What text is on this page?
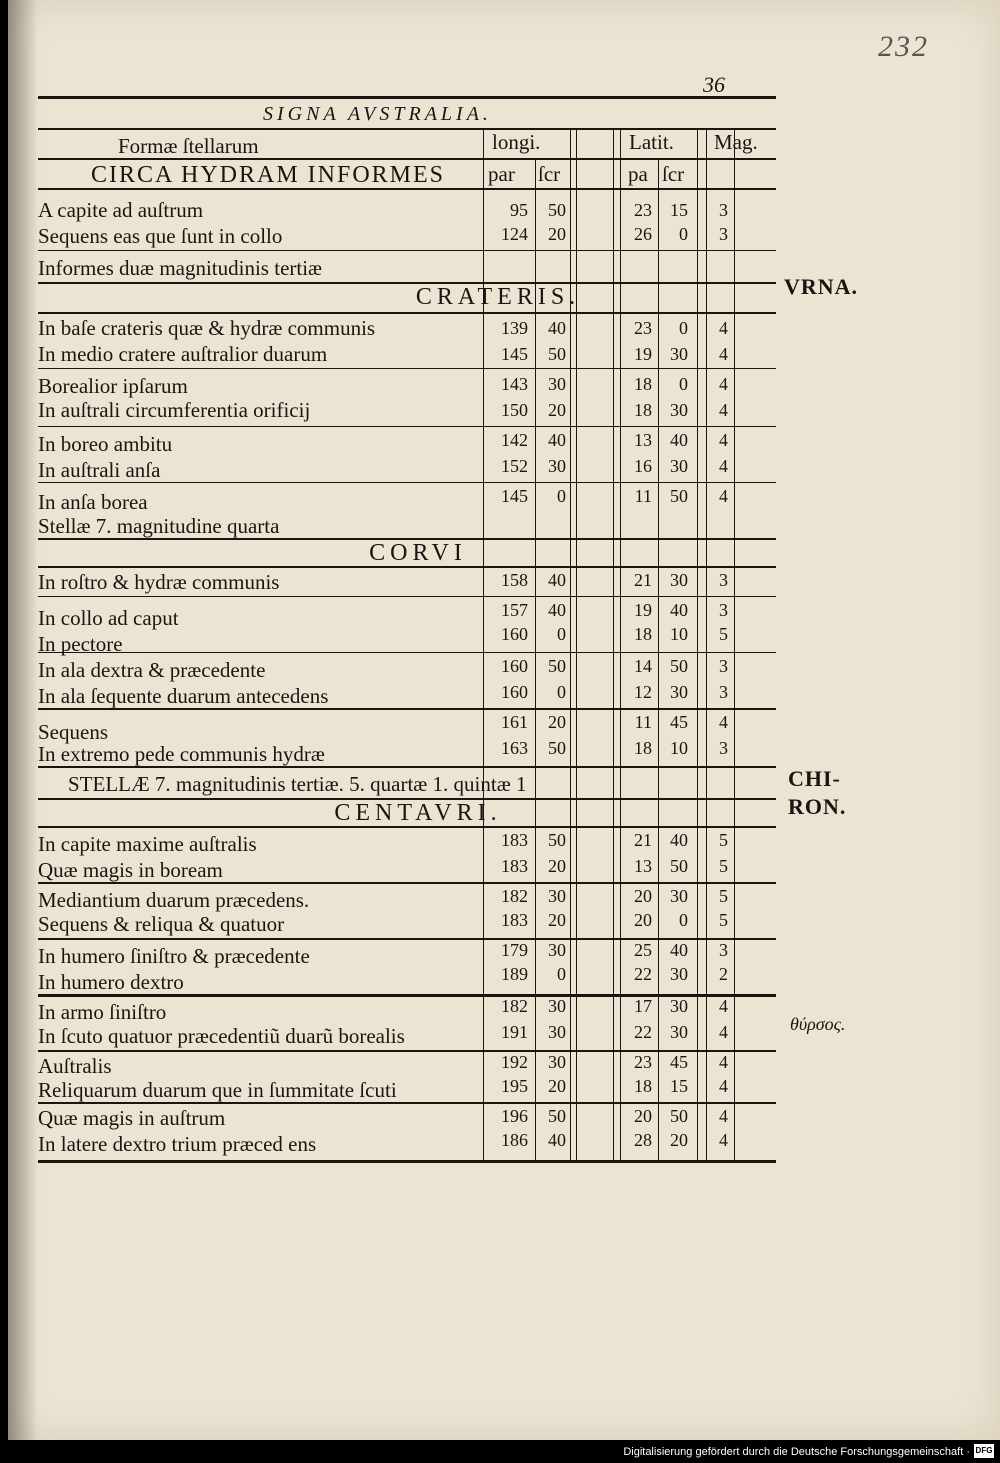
232
36
SIGNA AVSTRALIA.
Formæ ſtellarum	longi.	Latit. Mag.
CIRCA HYDRAM INFORMES	par ſcr	pa ſcr
A capite ad auſtrum	95	50	23	15	3
Sequens eas que ſunt in collo	124	20	26	0	3
Informes duæ magnitudinis tertiæ
CRATERIS.	VRNA.
In baſe crateris quæ & hydræ communis	139	40	23	0	4
In medio cratere auſtralior duarum	145	50	19	30	4
Borealior ipſarum	143	30	18	0	4
In auſtrali circumferentia orificij	150	20	18	30	4
In boreo ambitu	142	40	13	40	4
In auſtrali anſa	152	30	16	30	4
In anſa borea	145	0	11	50	4
Stellæ 7. magnitudine quarta
CORVI
In roſtro & hydræ communis	158	40	21	30	3
In collo ad caput	157	40	19	40	3
In pectore	160	0	18	10	5
In ala dextra & præcedente	160	50	14	50	3
In ala ſequente duarum antecedens	160	0	12	30	3
Sequens	161	20	11	45	4
In extremo pede communis hydræ	163	50	18	10	3
STELLÆ 7. magnitudinis tertiæ. 5. quartæ 1. quintæ 1	CHI-
RON.
CENTAVRI.
In capite maxime auſtralis	183	50	21	40	5
Quæ magis in boream	183	20	13	50	5
Mediantium duarum præcedens.	182	30	20	30	5
Sequens & reliqua & quatuor	183	20	20	0	5
In humero ſiniſtro & præcedente	179	30	25	40	3
In humero dextro	189	0	22	30	2
In armo ſiniſtro	182	30	17	30	4
In ſcuto quatuor præcedentiũ duarũ borealis	191	30	22	30	4	θύρσος.
Auſtralis	192	30	23	45	4
Reliquarum duarum que in ſummitate ſcuti	195	20	18	15	4
Quæ magis in auſtrum	196	50	20	50	4
In latere dextro trium præced ens	186	40	28	20	4
Digitalisierung gefördert durch die Deutsche Forschungsgemeinschaft · DFG
